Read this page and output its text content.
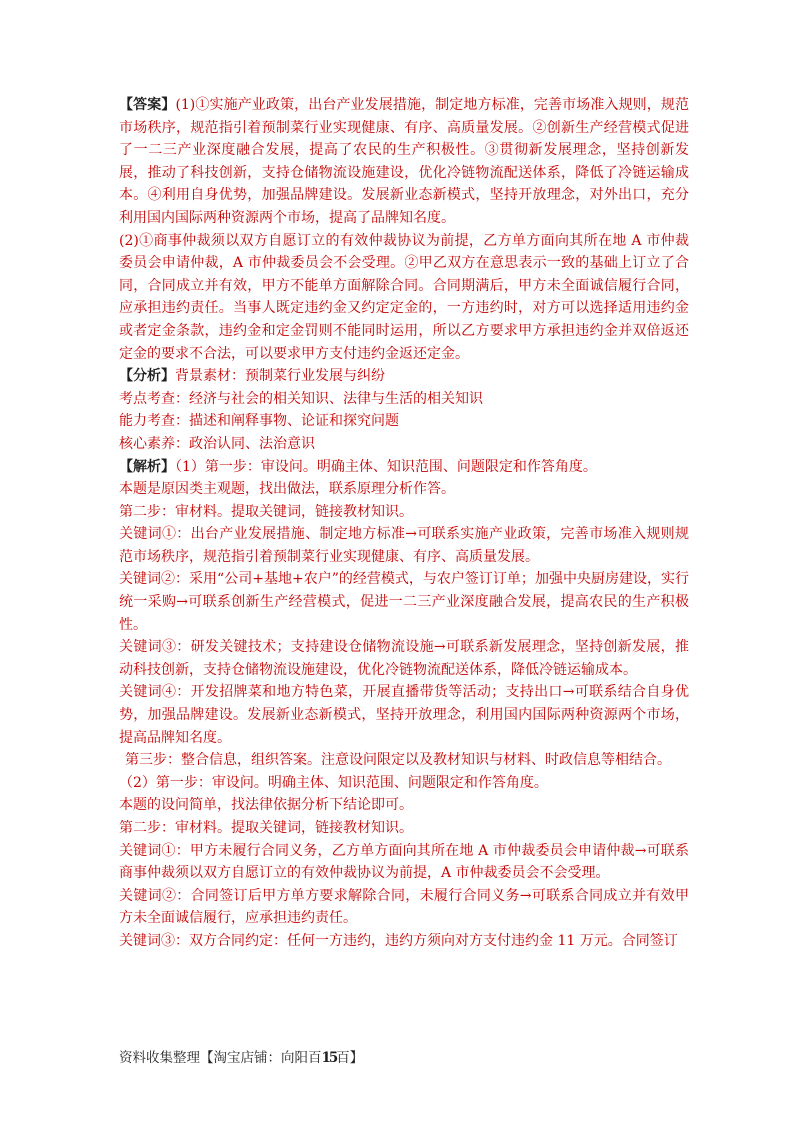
【答案】(1)①实施产业政策，出台产业发展措施，制定地方标准，完善市场准入规则，规范市场秩序，规范指引着预制菜行业实现健康、有序、高质量发展。②创新生产经营模式促进了一二三产业深度融合发展，提高了农民的生产积极性。③贯彻新发展理念，坚持创新发展，推动了科技创新，支持仓储物流设施建设，优化冷链物流配送体系，降低了冷链运输成本。④利用自身优势，加强品牌建设。发展新业态新模式，坚持开放理念，对外出口，充分利用国内国际两种资源两个市场，提高了品牌知名度。

(2)①商事仲裁须以双方自愿订立的有效仲裁协议为前提，乙方单方面向其所在地 A 市仲裁委员会申请仲裁，A 市仲裁委员会不会受理。②甲乙双方在意思表示一致的基础上订立了合同，合同成立并有效，甲方不能单方面解除合同。合同期满后，甲方未全面诚信履行合同，应承担违约责任。当事人既定违约金又约定定金的，一方违约时，对方可以选择适用违约金或者定金条款，违约金和定金罚则不能同时运用，所以乙方要求甲方承担违约金并双倍返还定金的要求不合法，可以要求甲方支付违约金返还定金。

【分析】背景素材：预制菜行业发展与纠纷

考点考查：经济与社会的相关知识、法律与生活的相关知识

能力考查：描述和阐释事物、论证和探究问题

核心素养：政治认同、法治意识

【解析】（1）第一步：审设问。明确主体、知识范围、问题限定和作答角度。

本题是原因类主观题，找出做法，联系原理分析作答。

第二步：审材料。提取关键词，链接教材知识。

关键词①：出台产业发展措施、制定地方标准→可联系实施产业政策，完善市场准入规则规范市场秩序，规范指引着预制菜行业实现健康、有序、高质量发展。

关键词②：采用“公司+基地+农户”的经营模式，与农户签订订单；加强中央厨房建设，实行统一采购→可联系创新生产经营模式，促进一二三产业深度融合发展，提高农民的生产积极性。

关键词③：研发关键技术；支持建设仓储物流设施→可联系新发展理念，坚持创新发展，推动科技创新，支持仓储物流设施建设，优化冷链物流配送体系，降低冷链运输成本。

关键词④：开发招牌菜和地方特色菜，开展直播带货等活动；支持出口→可联系结合自身优势，加强品牌建设。发展新业态新模式，坚持开放理念，利用国内国际两种资源两个市场，提高品牌知名度。

第三步：整合信息，组织答案。注意设问限定以及教材知识与材料、时政信息等相结合。

（2）第一步：审设问。明确主体、知识范围、问题限定和作答角度。

本题的设问简单，找法律依据分析下结论即可。

第二步：审材料。提取关键词，链接教材知识。

关键词①：甲方未履行合同义务，乙方单方面向其所在地 A 市仲裁委员会申请仲裁→可联系商事仲裁须以双方自愿订立的有效仲裁协议为前提，A 市仲裁委员会不会受理。

关键词②：合同签订后甲方单方要求解除合同，未履行合同义务→可联系合同成立并有效甲方未全面诚信履行，应承担违约责任。

关键词③：双方合同约定：任何一方违约，违约方须向对方支付违约金 11 万元。合同签订

资料收集整理【淘宝店铺：向阳百15百】
